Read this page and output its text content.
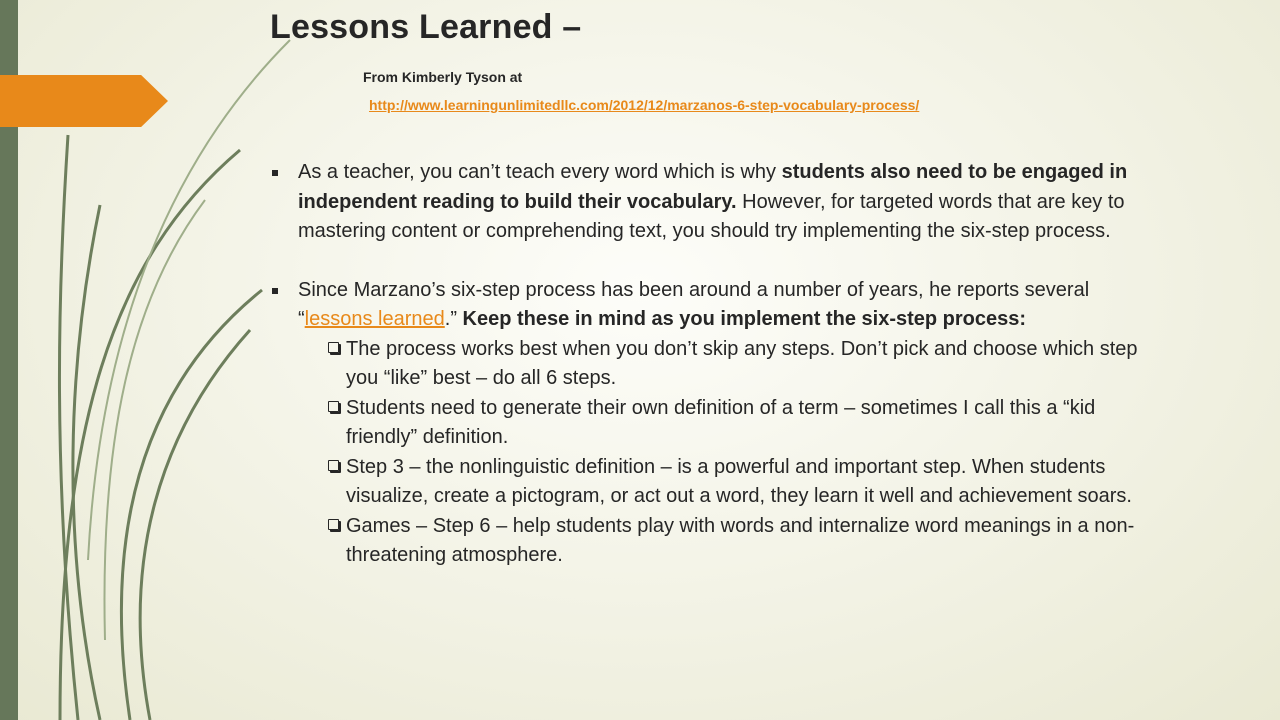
Lessons Learned –
From Kimberly Tyson at
http://www.learningunlimitedllc.com/2012/12/marzanos-6-step-vocabulary-process/
As a teacher, you can’t teach every word which is why students also need to be engaged in independent reading to build their vocabulary. However, for targeted words that are key to mastering content or comprehending text, you should try implementing the six-step process.
Since Marzano’s six-step process has been around a number of years, he reports several “lessons learned.” Keep these in mind as you implement the six-step process:
The process works best when you don’t skip any steps. Don’t pick and choose which step you “like” best – do all 6 steps.
Students need to generate their own definition of a term – sometimes I call this a “kid friendly” definition.
Step 3 – the nonlinguistic definition – is a powerful and important step. When students visualize, create a pictogram, or act out a word, they learn it well and achievement soars.
Games – Step 6 – help students play with words and internalize word meanings in a non-threatening atmosphere.
